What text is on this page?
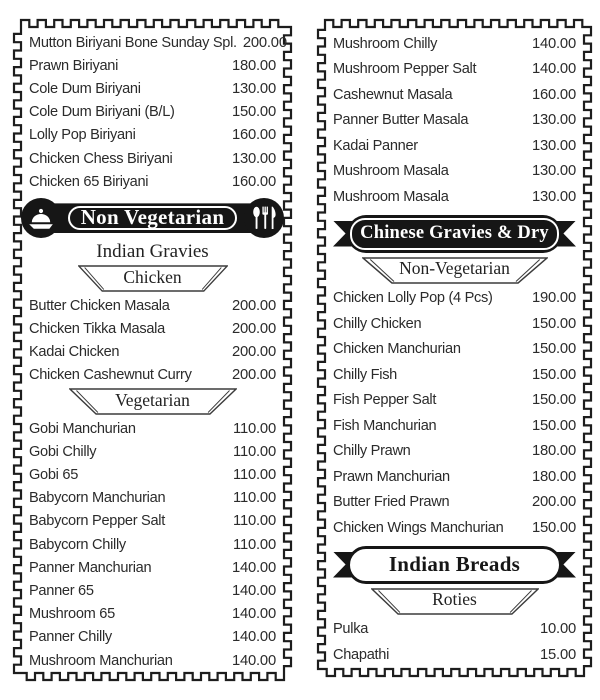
Mutton Biriyani Bone Sunday Spl. 200.00
Prawn Biriyani	180.00
Cole Dum Biriyani	130.00
Cole Dum Biriyani (B/L)	150.00
Lolly Pop Biriyani	160.00
Chicken Chess Biriyani	130.00
Chicken 65 Biriyani	160.00
Non Vegetarian
Indian Gravies
Chicken
Butter Chicken Masala	200.00
Chicken Tikka Masala	200.00
Kadai Chicken	200.00
Chicken Cashewnut Curry	200.00
Vegetarian
Gobi Manchurian	110.00
Gobi Chilly	110.00
Gobi 65	110.00
Babycorn Manchurian	110.00
Babycorn Pepper Salt	110.00
Babycorn Chilly	110.00
Panner Manchurian	140.00
Panner 65	140.00
Mushroom 65	140.00
Panner Chilly	140.00
Mushroom Manchurian	140.00
Mushroom Chilly	140.00
Mushroom Pepper Salt	140.00
Cashewnut Masala	160.00
Panner Butter Masala	130.00
Kadai Panner	130.00
Mushroom Masala	130.00
Mushroom Masala	130.00
Chinese Gravies & Dry
Non-Vegetarian
Chicken Lolly Pop (4 Pcs)	190.00
Chilly Chicken	150.00
Chicken Manchurian	150.00
Chilly Fish	150.00
Fish Pepper Salt	150.00
Fish Manchurian	150.00
Chilly Prawn	180.00
Prawn Manchurian	180.00
Butter Fried Prawn	200.00
Chicken Wings Manchurian 150.00
Indian Breads
Roties
Pulka	10.00
Chapathi	15.00
